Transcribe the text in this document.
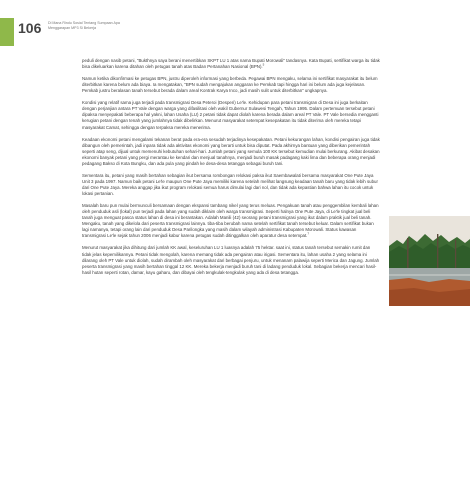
106 Di Mana Rindu Sosial Tentang Sumpaan Apa
Menggarapan MP3 Si Bekerja

peduli dengan nasib petani, "Bukthnya saya berani menertibkan SKPT LU 1 atas nama Bupati Morowali" tandasnya. Kata Bupati, sertifikat warga itu tidak bisa dikeluarkan karena ditahan oleh petugas tanah atas Badan Pertanahan Nasional (BPN).$^5$

Namun ketika dikonfirmasi ke petugas BPN, justru diperoleh informasi yang berbeda. Pegawai BPN mengaku, selama ini sertifikat masyarakat itu belum diterbitkan karena belum ada biaya. Ia mengatakan, "BPN sudah mengajukan anggaran ke Pemkab tapi hingga hari ini belum ada juga kejelasan. Pemkab justru beralasan tanah tersebut berada dalam areal Kontrak Karya Inco, jadi masih sulit untuk diterbitkan" ungkapnya.

Kondisi yang relatif sama juga terjadi pada transmigrasi Desa Peteroi (Desperi) Le'le. Kehidupan para petani transmigran di Desa ini juga berkaitan dengan perjanjian antara PT Vale dengan warga yang difasilitasi oleh wakil Gubernur Sulawesi Tengah, Tahun 1995. Dalam pertemuan tersebut petani dipaksa menyepakati beberapa hal yakni, lahan Usaha (LU) 2 petani tidak dapat diolah karena berada dalam areal PT Vale. PT Vale bersedia mengganti kerugian petani dengan tenah yang jumlahnya tidak dibelirkan. Menurut masyarakat setempat kesepakatan itu tidak diterima oleh mereka tetapi masyarakat Camat, sehingga dengan terpaksa mereka menerima.

Keadaan ekonomi petani mengalami tekanan berat pada era-era sesudah terjadinya kesepakatan. Petani kekurangan lahan, kondisi pengairan juga tidak dibangun oleh pemerintah, jadi inpara tidak ada aktivitas ekonomi yang berarti untuk bisa diputat. Pada akhirnya bantuan yang diberikan pemerintah seperti atap seng, dijual untuk memenuhi kebutuhan sehari-hari. Jumlah petani yang semula 100 KK tersebut kemudian mulai berkurang. Akibat desakan ekonomi banyak petani yang pergi merantau ke kendari dan menjual tanahnya, menjadi buruh masak padagang kaki lima dan beberapa orang menjadi pedagang Bakso di Kota Bungku, dan ada pula yang pindah ke desa-desa tetangga sebagai buruh tani.

Sementara itu, petani yang masih bertahan sebagian ikut bersama rombongan relokasi paksa ikut Saembawalati bersama masyarakat One Pute Jaya Unit 3 pada 1997. Namun baik petani Le'le maupun One Pute Jaya memiliki karena setelah melihat langsung keadaan tanah baru yang tidak lebih subur dari One Pute Jaya. Mereka anggap jika ikut program relokasi semua harus dimulai lagi dari nol, dan tidak ada kepastian bahwa lahan itu cocok untuk lokasi pertanian.

Masalah baru pun mulai bermunculi bersamaan dengan ekspansi tambang nikel yang terus meluas. Pengakuan tanah atau penggembilan kembali lahan oleh penduduk asli (lokal) pun terjadi pada lahan yang sudah diklaim oleh warga transmigrasi. Seperti halnya One Pute Jaya, di Le'le tingkat jual beli tanah juga menguat pasca status lahan di desa ini berantakan. Adalah Manili (42) seorang petani transmigrasi yang ikut dalam praktik jual beli tanah. Mengaku, tanah yang dikelola dari peserta transmigrasi lainnya. tiba-tiba berubah nama setelah sertifikat tanah tersebut keluar. Dalam sertifikat bukan lagi namanya, tetapi orang lain dari penduduk Desa Parilongka yang masih dalam wilayah administrasi Kabupaten Morowali. Status kawasan transmigrasi Le'le sejak tahun 2006 menjadi kabur karena petugas sudah ditinggalkan oleh aparatur desa setempat.$^7$

Menurut masyarakat jika dihitung dari jumlah KK awal, keseluruhan LU 1 luasnya adalah 75 hektar. saat ini, status tanah tersebut semakin rumit dan tidak jelas kepemilikannya. Petani tidak mengolah, karena memang tidak ada pengairan atau irigasi. Sementara itu, lahan usaha 2 yang selama ini dilarang oleh PT Vale untuk diolah, sudah dirambah oleh masyarakat dari berbagai penjuru, untuk menanam palawija seperti Merica dan Jagung. Jumlah peserta transmigrasi yang masih bertahan tinggal 12 KK. Mereka bekerja menjadi buruh tani di ladang penduduk lokal. Sebagian bekerja mencari hasil-hasil hutan seperti rotan, damar, kayu gaharu, dan dibayai oleh tengkulak-tengkulak yang ada di desa tetangga.
